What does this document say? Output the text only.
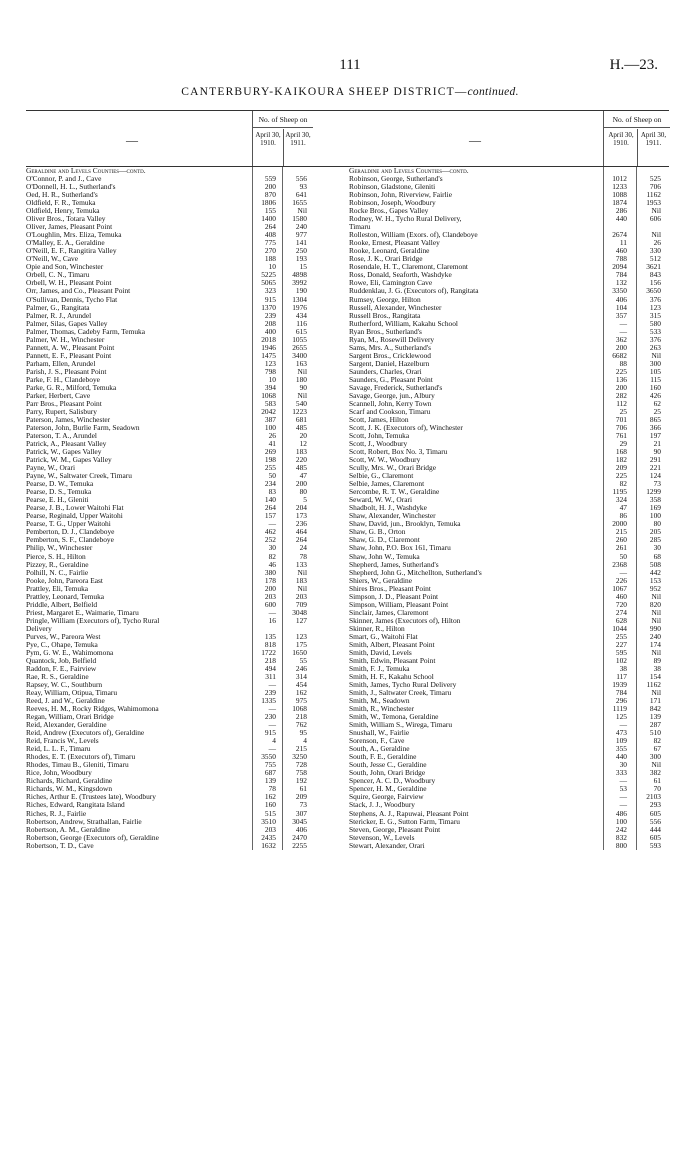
111	H.—23.
CANTERBURY-KAIKOURA SHEEP DISTRICT—continued.
—
No. of Sheep on
April 30, 1910.
April 30, 1911.
Geraldine and Levels Counties—contd.
O'Connor, P. and J., Cave	559	556
O'Donnell, H. L., Sutherland's	200	93
Oed, H. R., Sutherland's	870	641
Oldfield, F. R., Temuka	1806	1655
Oldfield, Henry, Temuka	155	Nil
Oliver Bros., Totara Valley	1400	1580
Oliver, James, Pleasant Point	264	240
O'Loughlin, Mrs. Eliza, Temuka	408	977
O'Malley, E. A., Geraldine	775	141
O'Neill, E. F., Rangitira Valley	270	250
O'Neill, W., Cave	188	193
Opie and Son, Winchester	10	15
Orbell, C. N., Timaru	5225	4898
Orbell, W. H., Pleasant Point	5065	3992
Orr, James, and Co., Pleasant Point	323	190
O'Sullivan, Dennis, Tycho Flat	915	1304
Palmer, G., Rangitata	1370	1976
Palmer, R. J., Arundel	239	434
Palmer, Silas, Gapes Valley	208	116
Palmer, Thomas, Cadeby Farm, Temuka	400	615
Palmer, W. H., Winchester	2018	1055
Pannett, A. W., Pleasant Point	1946	2655
Pannett, E. F., Pleasant Point	1475	3400
Parham, Ellen, Arundel	123	163
Parish, J. S., Pleasant Point	798	Nil
Parke, F. H., Clandeboye	10	180
Parke, G. R., Milford, Temuka	394	90
Parker, Herbert, Cave	1068	Nil
Parr Bros., Pleasant Point	583	540
Parry, Rupert, Salisbury	2042	1223
Paterson, James, Winchester	387	681
Paterson, John, Burlie Farm, Seadown	100	485
Paterson, T. A., Arundel	26	20
Patrick, A., Pleasant Valley	41	12
Patrick, W., Gapes Valley	269	183
Patrick, W. M., Gapes Valley	198	220
Payne, W., Orari	255	485
Payne, W., Saltwater Creek, Timaru	50	47
Pearse, D. W., Temuka	234	200
Pearse, D. S., Temuka	83	80
Pearse, E. H., Gleniti	140	5
Pearse, J. B., Lower Waitohi Flat	264	204
Pearse, Reginald, Upper Waitohi	157	173
Pearse, T. G., Upper Waitohi	—	236
Pemberton, D. J., Clandeboye	462	464
Pemberton, S. F., Clandeboye	252	264
Philip, W., Winchester	30	24
Pierce, S. H., Hilton	82	78
Pizzey, R., Geraldine	46	133
Polhill, N. C., Fairlie	380	Nil
Pooke, John, Pareora East	178	183
Prattley, Eli, Temuka	200	Nil
Prattley, Leonard, Temuka	203	203
Priddle, Albert, Belfield	600	709
Priest, Margaret E., Waimarie, Timaru	—	3048
Pringle, William (Executors of), Tycho Rural	16	127
Delivery
Purves, W., Pareora West	135	123
Pye, C., Ohape, Temuka	818	175
Pym, G. W. E., Wahimomona	1722	1650
Quantock, Job, Belfield	218	55
Raddon, F. E., Fairview	494	246
Rae, R. S., Geraldine	311	314
Rapsey, W. C., Southburn	—	454
Reay, William, Otipua, Timaru	239	162
Reed, J. and W., Geraldine	1335	975
Reeves, H. M., Rocky Ridges, Wahimomona	—	1068
Regan, William, Orari Bridge	230	218
Reid, Alexander, Geraldine	—	762
Reid, Andrew (Executors of), Geraldine	915	95
Reid, Francis W., Levels	4	4
Reid, L. L. F., Timaru	—	215
Rhodes, E. T. (Executors of), Timaru	3550	3250
Rhodes, Timau B., Gleniti, Timaru	755	728
Rice, John, Woodbury	687	758
Richards, Richard, Geraldine	139	192
Richards, W. M., Kingsdown	78	61
Riches, Arthur E. (Trustees late), Woodbury	162	209
Riches, Edward, Rangitata Island	160	73
Riches, R. J., Fairlie	515	307
Robertson, Andrew, Strathallan, Fairlie	3510	3045
Robertson, A. M., Geraldine	203	406
Robertson, George (Executors of), Geraldine	2435	2470
Robertson, T. D., Cave	1632	2255
—
No. of Sheep on
April 30, 1910.
April 30, 1911.
Geraldine and Levels Counties—contd.
Robinson, George, Sutherland's	1012	525
Robinson, Gladstone, Gleniti	1233	706
Robinson, John, Riverview, Fairlie	1088	1162
Robinson, Joseph, Woodbury	1874	1953
Rocke Bros., Gapes Valley	286	Nil
Rodney, W. H., Tycho Rural Delivery,	440	606
Timaru
Rolleston, William (Exors. of), Clandeboye	2674	Nil
Rooke, Ernest, Pleasant Valley	11	26
Rooke, Leonard, Geraldine	460	330
Rose, J. K., Orari Bridge	788	512
Rosendale, H. T., Claremont, Claremont	2094	3621
Ross, Donald, Seaforth, Washdyke	784	843
Rowe, Eli, Camington Cave	132	156
Ruddenklau, J. G. (Executors of), Rangitata	3350	3650
Rumsey, George, Hilton	406	376
Russell, Alexander, Winchester	104	123
Russell Bros., Rangitata	357	315
Rutherford, William, Kakahu School	—	580
Ryan Bros., Sutherland's	—	533
Ryan, M., Rosewill Delivery	362	376
Sams, Mrs. A., Sutherland's	200	263
Sargent Bros., Cricklewood	6682	Nil
Sargent, Daniel, Hazelburn	88	300
Saunders, Charles, Orari	225	105
Saunders, G., Pleasant Point	136	115
Savage, Frederick, Sutherland's	200	160
Savage, George, jun., Albury	282	426
Scannell, John, Kerry Town	112	62
Scarf and Cookson, Timaru	25	25
Scott, James, Hilton	701	865
Scott, J. K. (Executors of), Winchester	706	366
Scott, John, Temuka	761	197
Scott, J., Woodbury	29	21
Scott, Robert, Box No. 3, Timaru	168	90
Scott, W. W., Woodbury	182	291
Scully, Mrs. W., Orari Bridge	209	221
Selbie, G., Claremont	225	124
Selbie, James, Claremont	82	73
Sercombe, R. T. W., Geraldine	1195	1299
Seward, W. W., Orari	324	358
Shadbolt, H. J., Washdyke	47	169
Shaw, Alexander, Winchester	86	100
Shaw, David, jun., Brooklyn, Temuka	2000	80
Shaw, G. B., Orton	215	205
Shaw, G. D., Claremont	260	285
Shaw, John, P.O. Box 161, Timaru	261	30
Shaw, John W., Temuka	50	68
Shepherd, James, Sutherland's	2368	508
Shepherd, John G., Mitchellton, Sutherland's	—	442
Shiers, W., Geraldine	226	153
Shires Bros., Pleasant Point	1067	952
Simpson, J. D., Pleasant Point	460	Nil
Simpson, William, Pleasant Point	720	820
Sinclair, James, Claremont	274	Nil
Skinner, James (Executors of), Hilton	628	Nil
Skinner, R., Hilton	1044	990
Smart, G., Waitohi Flat	255	240
Smith, Albert, Pleasant Point	227	174
Smith, David, Levels	595	Nil
Smith, Edwin, Pleasant Point	102	89
Smith, F. J., Temuka	38	38
Smith, H. F., Kakahu School	117	154
Smith, James, Tycho Rural Delivery	1939	1162
Smith, J., Saltwater Creek, Timaru	784	Nil
Smith, M., Seadown	296	171
Smith, R., Winchester	1119	842
Smith, W., Temona, Geraldine	125	139
Smith, William S., Wirega, Timaru	—	287
Snushall, W., Fairlie	473	510
Sorenson, F., Cave	109	82
South, A., Geraldine	355	67
South, F. E., Geraldine	440	300
South, Jesse C., Geraldine	30	Nil
South, John, Orari Bridge	333	382
Spencer, A. C. D., Woodbury	—	61
Spencer, H. M., Geraldine	53	70
Squire, George, Fairview	—	2103
Stack, J. J., Woodbury	—	293
Stephens, A. J., Rapuwai, Pleasant Point	486	605
Stericker, E. G., Sutton Farm, Timaru	100	556
Steven, George, Pleasant Point	242	444
Stevenson, W., Levels	832	605
Stewart, Alexander, Orari	800	593
